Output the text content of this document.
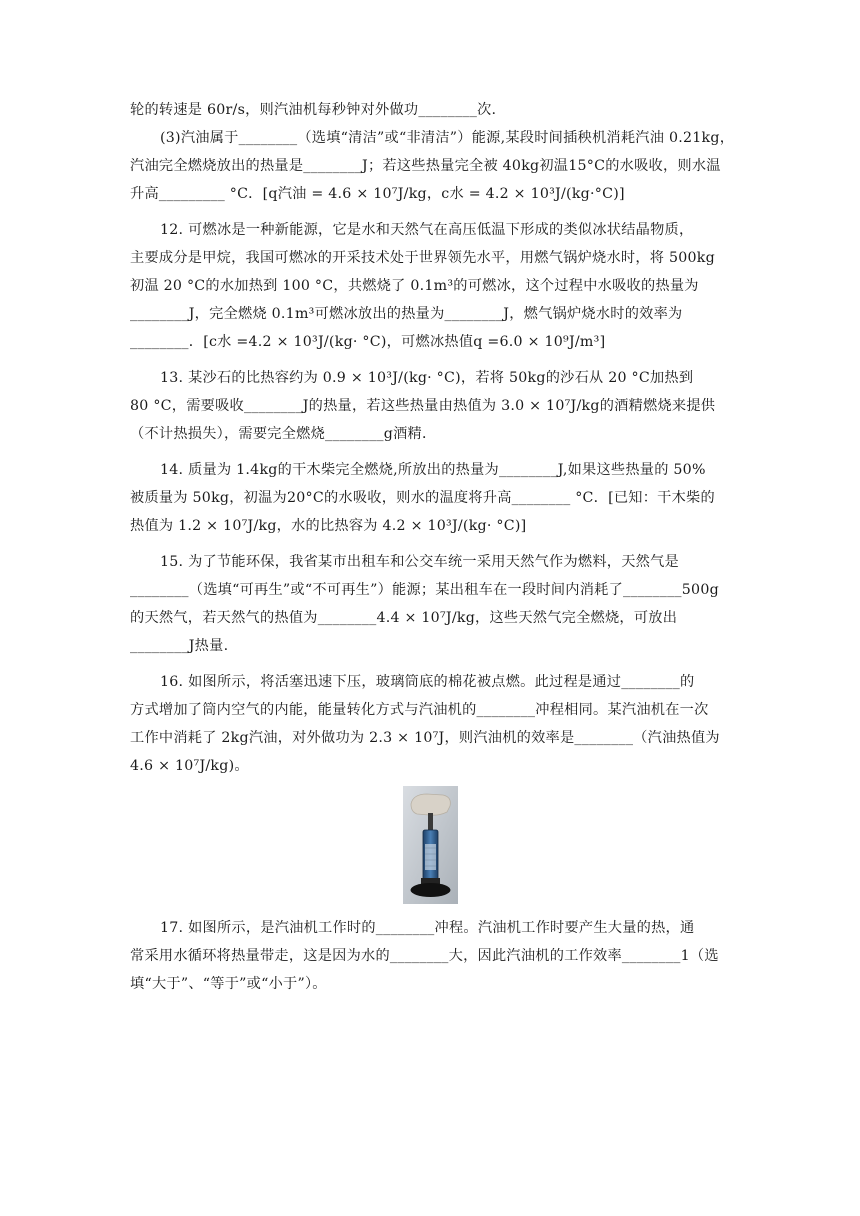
轮的转速是 60r/s，则汽油机每秒钟对外做功________次.
(3)汽油属于________（选填“清洁”或“非清洁”）能源,某段时间插秧机消耗汽油 0.21kg，
汽油完全燃烧放出的热量是________J；若这些热量完全被 40kg初温15°C的水吸收，则水温
升高_________ °C．[q汽油 = 4.6 × 10⁷J/kg，c水 = 4.2 × 10³J/(kg·°C)]
12. 可燃冰是一种新能源，它是水和天然气在高压低温下形成的类似冰状结晶物质，
主要成分是甲烷，我国可燃冰的开采技术处于世界领先水平，用燃气锅炉烧水时，将 500kg
初温 20 °C的水加热到 100 °C，共燃烧了 0.1m³的可燃冰，这个过程中水吸收的热量为
________J，完全燃烧 0.1m³可燃冰放出的热量为________J，燃气锅炉烧水时的效率为
________．[c水 =4.2 × 10³J/(kg· °C)，可燃冰热值q =6.0 × 10⁹J/m³]
13. 某沙石的比热容约为 0.9 × 10³J/(kg· °C)，若将 50kg的沙石从 20 °C加热到
80 °C，需要吸收________J的热量，若这些热量由热值为 3.0 × 10⁷J/kg的酒精燃烧来提供
（不计热损失），需要完全燃烧________g酒精．
14. 质量为 1.4kg的干木柴完全燃烧,所放出的热量为________J,如果这些热量的 50%
被质量为 50kg，初温为20°C的水吸收，则水的温度将升高________ °C．[已知：干木柴的
热值为 1.2 × 10⁷J/kg，水的比热容为 4.2 × 10³J/(kg· °C)]
15. 为了节能环保，我省某市出租车和公交车统一采用天然气作为燃料，天然气是
________（选填“可再生”或“不可再生”）能源；某出租车在一段时间内消耗了________500g
的天然气，若天然气的热值为________4.4 × 10⁷J/kg，这些天然气完全燃烧，可放出
________J热量.
16. 如图所示，将活塞迅速下压，玻璃筒底的棉花被点燃。此过程是通过________的
方式增加了筒内空气的内能，能量转化方式与汽油机的________冲程相同。某汽油机在一次
工作中消耗了 2kg汽油，对外做功为 2.3 × 10⁷J，则汽油机的效率是________（汽油热值为
4.6 × 10⁷J/kg)。
17. 如图所示，是汽油机工作时的________冲程。汽油机工作时要产生大量的热，通
常采用水循环将热量带走，这是因为水的________大，因此汽油机的工作效率________1（选
填“大于”、“等于”或“小于”）。
